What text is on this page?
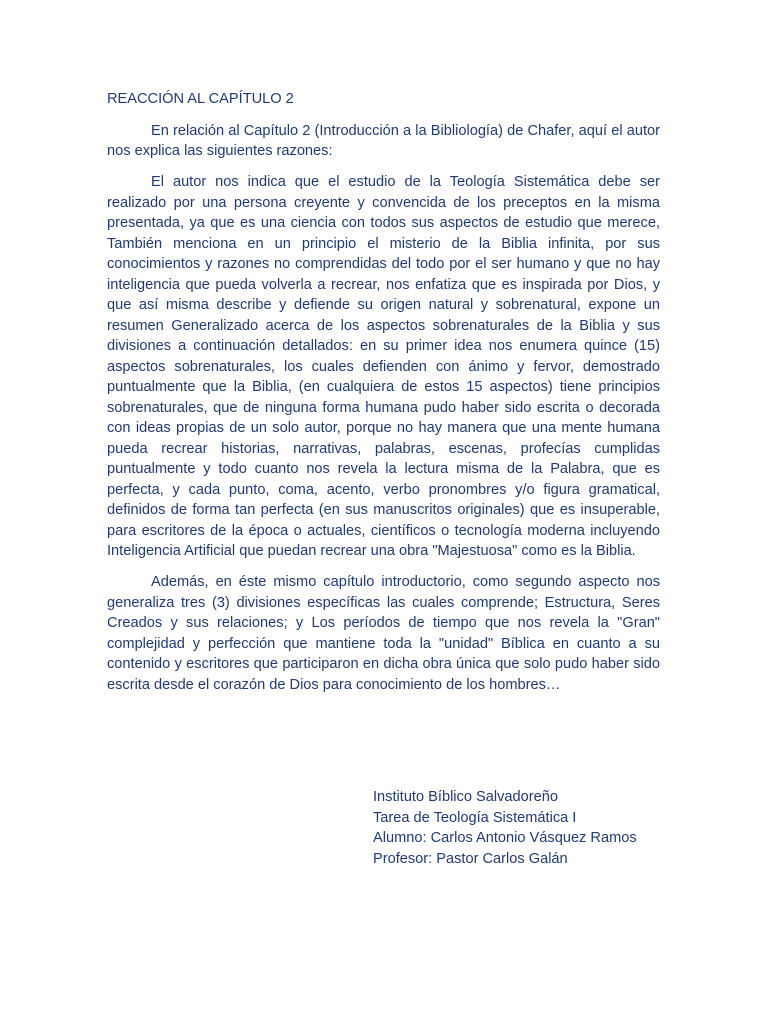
REACCIÓN AL CAPÍTULO 2

En relación al Capítulo 2 (Introducción a la Bibliología) de Chafer, aquí el autor nos explica las siguientes razones:

El autor nos indica que el estudio de la Teología Sistemática debe ser realizado por una persona creyente y convencida de los preceptos en la misma presentada, ya que es una ciencia con todos sus aspectos de estudio que merece, También menciona en un principio el misterio de la Biblia infinita, por sus conocimientos y razones no comprendidas del todo por el ser humano y que no hay inteligencia que pueda volverla a recrear, nos enfatiza que es inspirada por Dios, y que así misma describe y defiende su origen natural y sobrenatural, expone un resumen Generalizado acerca de los aspectos sobrenaturales de la Biblia y sus divisiones a continuación detallados: en su primer idea nos enumera quince (15) aspectos sobrenaturales, los cuales defienden con ánimo y fervor, demostrado puntualmente que la Biblia, (en cualquiera de estos 15 aspectos) tiene principios sobrenaturales, que de ninguna forma humana pudo haber sido escrita o decorada con ideas propias de un solo autor, porque no hay manera que una mente humana pueda recrear historias, narrativas, palabras, escenas, profecías cumplidas puntualmente y todo cuanto nos revela la lectura misma de la Palabra, que es perfecta, y cada punto, coma, acento, verbo pronombres y/o figura gramatical, definidos de forma tan perfecta (en sus manuscritos originales) que es insuperable, para escritores de la época o actuales, científicos o tecnología moderna incluyendo Inteligencia Artificial que puedan recrear una obra "Majestuosa" como es la Biblia.

Además, en éste mismo capítulo introductorio, como segundo aspecto nos generaliza tres (3) divisiones específicas las cuales comprende; Estructura, Seres Creados y sus relaciones; y Los períodos de tiempo que nos revela la "Gran" complejidad y perfección que mantiene toda la "unidad" Bíblica en cuanto a su contenido y escritores que participaron en dicha obra única que solo pudo haber sido escrita desde el corazón de Dios para conocimiento de los hombres…

Instituto Bíblico Salvadoreño
Tarea de Teología Sistemática I
Alumno: Carlos Antonio Vásquez Ramos
Profesor: Pastor Carlos Galán
